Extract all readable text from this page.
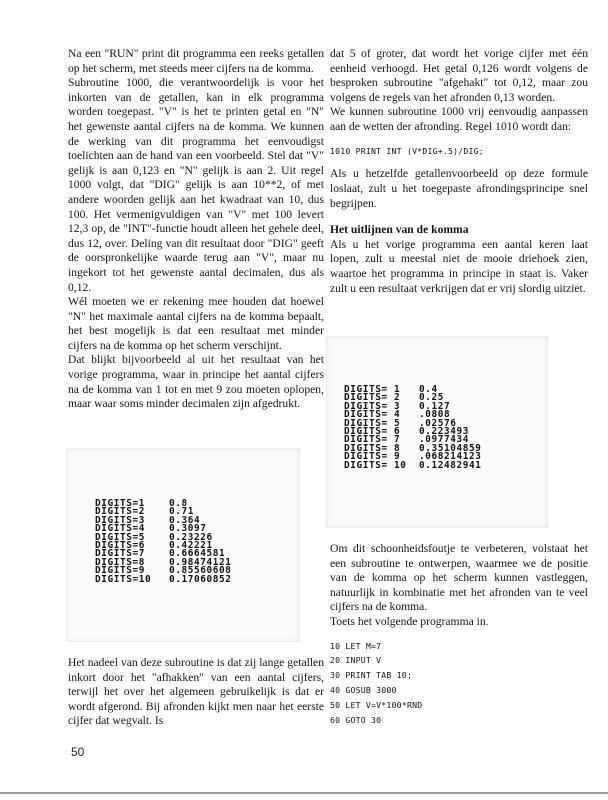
Na een "RUN" print dit programma een reeks getallen op het scherm, met steeds meer cijfers na de komma.

Subroutine 1000, die verantwoordelijk is voor het inkorten van de getallen, kan in elk programma worden toegepast. "V" is het te printen getal en "N" het gewenste aantal cijfers na de komma. We kunnen de werking van dit programma het eenvoudigst toelichten aan de hand van een voorbeeld. Stel dat "V" gelijk is aan 0,123 en "N" gelijk is aan 2. Uit regel 1000 volgt, dat "DIG" gelijk is aan 10**2, of met andere woorden gelijk aan het kwadraat van 10, dus 100. Het vermenigvuldigen van "V" met 100 levert 12,3 op, de "INT"-functie houdt alleen het gehele deel, dus 12, over. Deling van dit resultaat door "DIG" geeft de oorspronkelijke waarde terug aan "V", maar nu ingekort tot het gewenste aantal decimalen, dus als 0,12.

Wél moeten we er rekening mee houden dat hoewel "N" het maximale aantal cijfers na de komma bepaalt, het best mogelijk is dat een resultaat met minder cijfers na de komma op het scherm verschijnt.

Dat blijkt bijvoorbeeld al uit het resultaat van het vorige programma, waar in principe het aantal cijfers na de komma van 1 tot en met 9 zou moeten oplopen, maar waar soms minder decimalen zijn afgedrukt.

DIGITS=1	0.8
DIGITS=2	0.71
DIGITS=3	0.364
DIGITS=4	0.3097
DIGITS=5	0.23226
DIGITS=6	0.42221
DIGITS=7	0.6664581
DIGITS=8	0.98474121
DIGITS=9	0.85560608
DIGITS=10	0.17060852

Het nadeel van deze subroutine is dat zij lange getallen inkort door het "afhakken" van een aantal cijfers, terwijl het over het algemeen gebruikelijk is dat er wordt afgerond. Bij afronden kijkt men naar het eerste cijfer dat wegvalt. Is

dat 5 of groter, dat wordt het vorige cijfer met één eenheid verhoogd. Het getal 0,126 wordt volgens de besproken subroutine "afgehakt" tot 0,12, maar zou volgens de regels van het afronden 0,13 worden.

We kunnen subroutine 1000 vrij eenvoudig aanpassen aan de wetten der afronding. Regel 1010 wordt dan:

1010 PRINT INT (V*DIG+.5)/DIG;

Als u hetzelfde getallenvoorbeeld op deze formule loslaat, zult u het toegepaste afrondingsprincipe snel begrijpen.

Het uitlijnen van de komma

Als u het vorige programma een aantal keren laat lopen, zult u meestal niet de mooie driehoek zien, waartoe het programma in principe in staat is. Vaker zult u een resultaat verkrijgen dat er vrij slordig uitziet.

DIGITS= 1	0.4
DIGITS= 2	0.25
DIGITS= 3	0.127
DIGITS= 4	.0808
DIGITS= 5	.02576
DIGITS= 6	0.223493
DIGITS= 7	.0977434
DIGITS= 8	0.35104859
DIGITS= 9	.068214123
DIGITS= 10	0.12482941

Om dit schoonheidsfoutje te verbeteren, volstaat het een subroutine te ontwerpen, waarmee we de positie van de komma op het scherm kunnen vastleggen, natuurlijk in kombinatie met het afronden van te veel cijfers na de komma.

Toets het volgende programma in.

10 LET M=7
20 INPUT V
30 PRINT TAB 10;
40 GOSUB 3000
50 LET V=V*100*RND
60 GOTO 30
50
